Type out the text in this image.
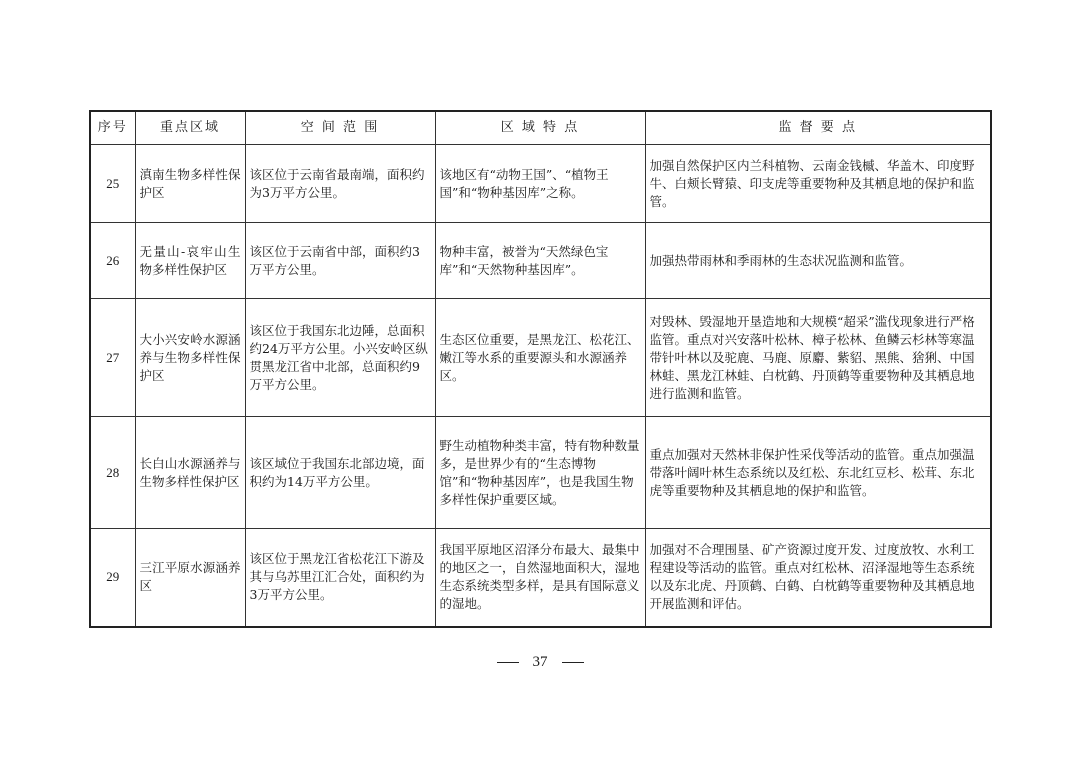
序号	重点区域	空 间 范 围	区 域 特 点	监 督 要 点
25	滇南生物多样性保护区	该区位于云南省最南端，面积约为3万平方公里。	该地区有“动物王国”、“植物王国”和“物种基因库”之称。	加强自然保护区内兰科植物、云南金钱槭、华盖木、印度野牛、白颊长臂猿、印支虎等重要物种及其栖息地的保护和监管。
26	无量山-哀牢山生物多样性保护区	该区位于云南省中部，面积约3万平方公里。	物种丰富，被誉为“天然绿色宝库”和“天然物种基因库”。	加强热带雨林和季雨林的生态状况监测和监管。
27	大小兴安岭水源涵养与生物多样性保护区	该区位于我国东北边陲，总面积约24万平方公里。小兴安岭区纵贯黑龙江省中北部，总面积约9万平方公里。	生态区位重要，是黑龙江、松花江、嫩江等水系的重要源头和水源涵养区。	对毁林、毁湿地开垦造地和大规模“超采”滥伐现象进行严格监管。重点对兴安落叶松林、樟子松林、鱼鳞云杉林等寒温带针叶林以及驼鹿、马鹿、原麝、紫貂、黑熊、猞猁、中国林蛙、黑龙江林蛙、白枕鹤、丹顶鹤等重要物种及其栖息地进行监测和监管。
28	长白山水源涵养与生物多样性保护区	该区域位于我国东北部边境，面积约为14万平方公里。	野生动植物种类丰富，特有物种数量多，是世界少有的“生态博物馆”和“物种基因库”，也是我国生物多样性保护重要区域。	重点加强对天然林非保护性采伐等活动的监管。重点加强温带落叶阔叶林生态系统以及红松、东北红豆杉、松茸、东北虎等重要物种及其栖息地的保护和监管。
29	三江平原水源涵养区	该区位于黑龙江省松花江下游及其与乌苏里江汇合处，面积约为3万平方公里。	我国平原地区沼泽分布最大、最集中的地区之一，自然湿地面积大，湿地生态系统类型多样，是具有国际意义的湿地。	加强对不合理围垦、矿产资源过度开发、过度放牧、水利工程建设等活动的监管。重点对红松林、沼泽湿地等生态系统以及东北虎、丹顶鹤、白鹤、白枕鹤等重要物种及其栖息地开展监测和评估。
37
